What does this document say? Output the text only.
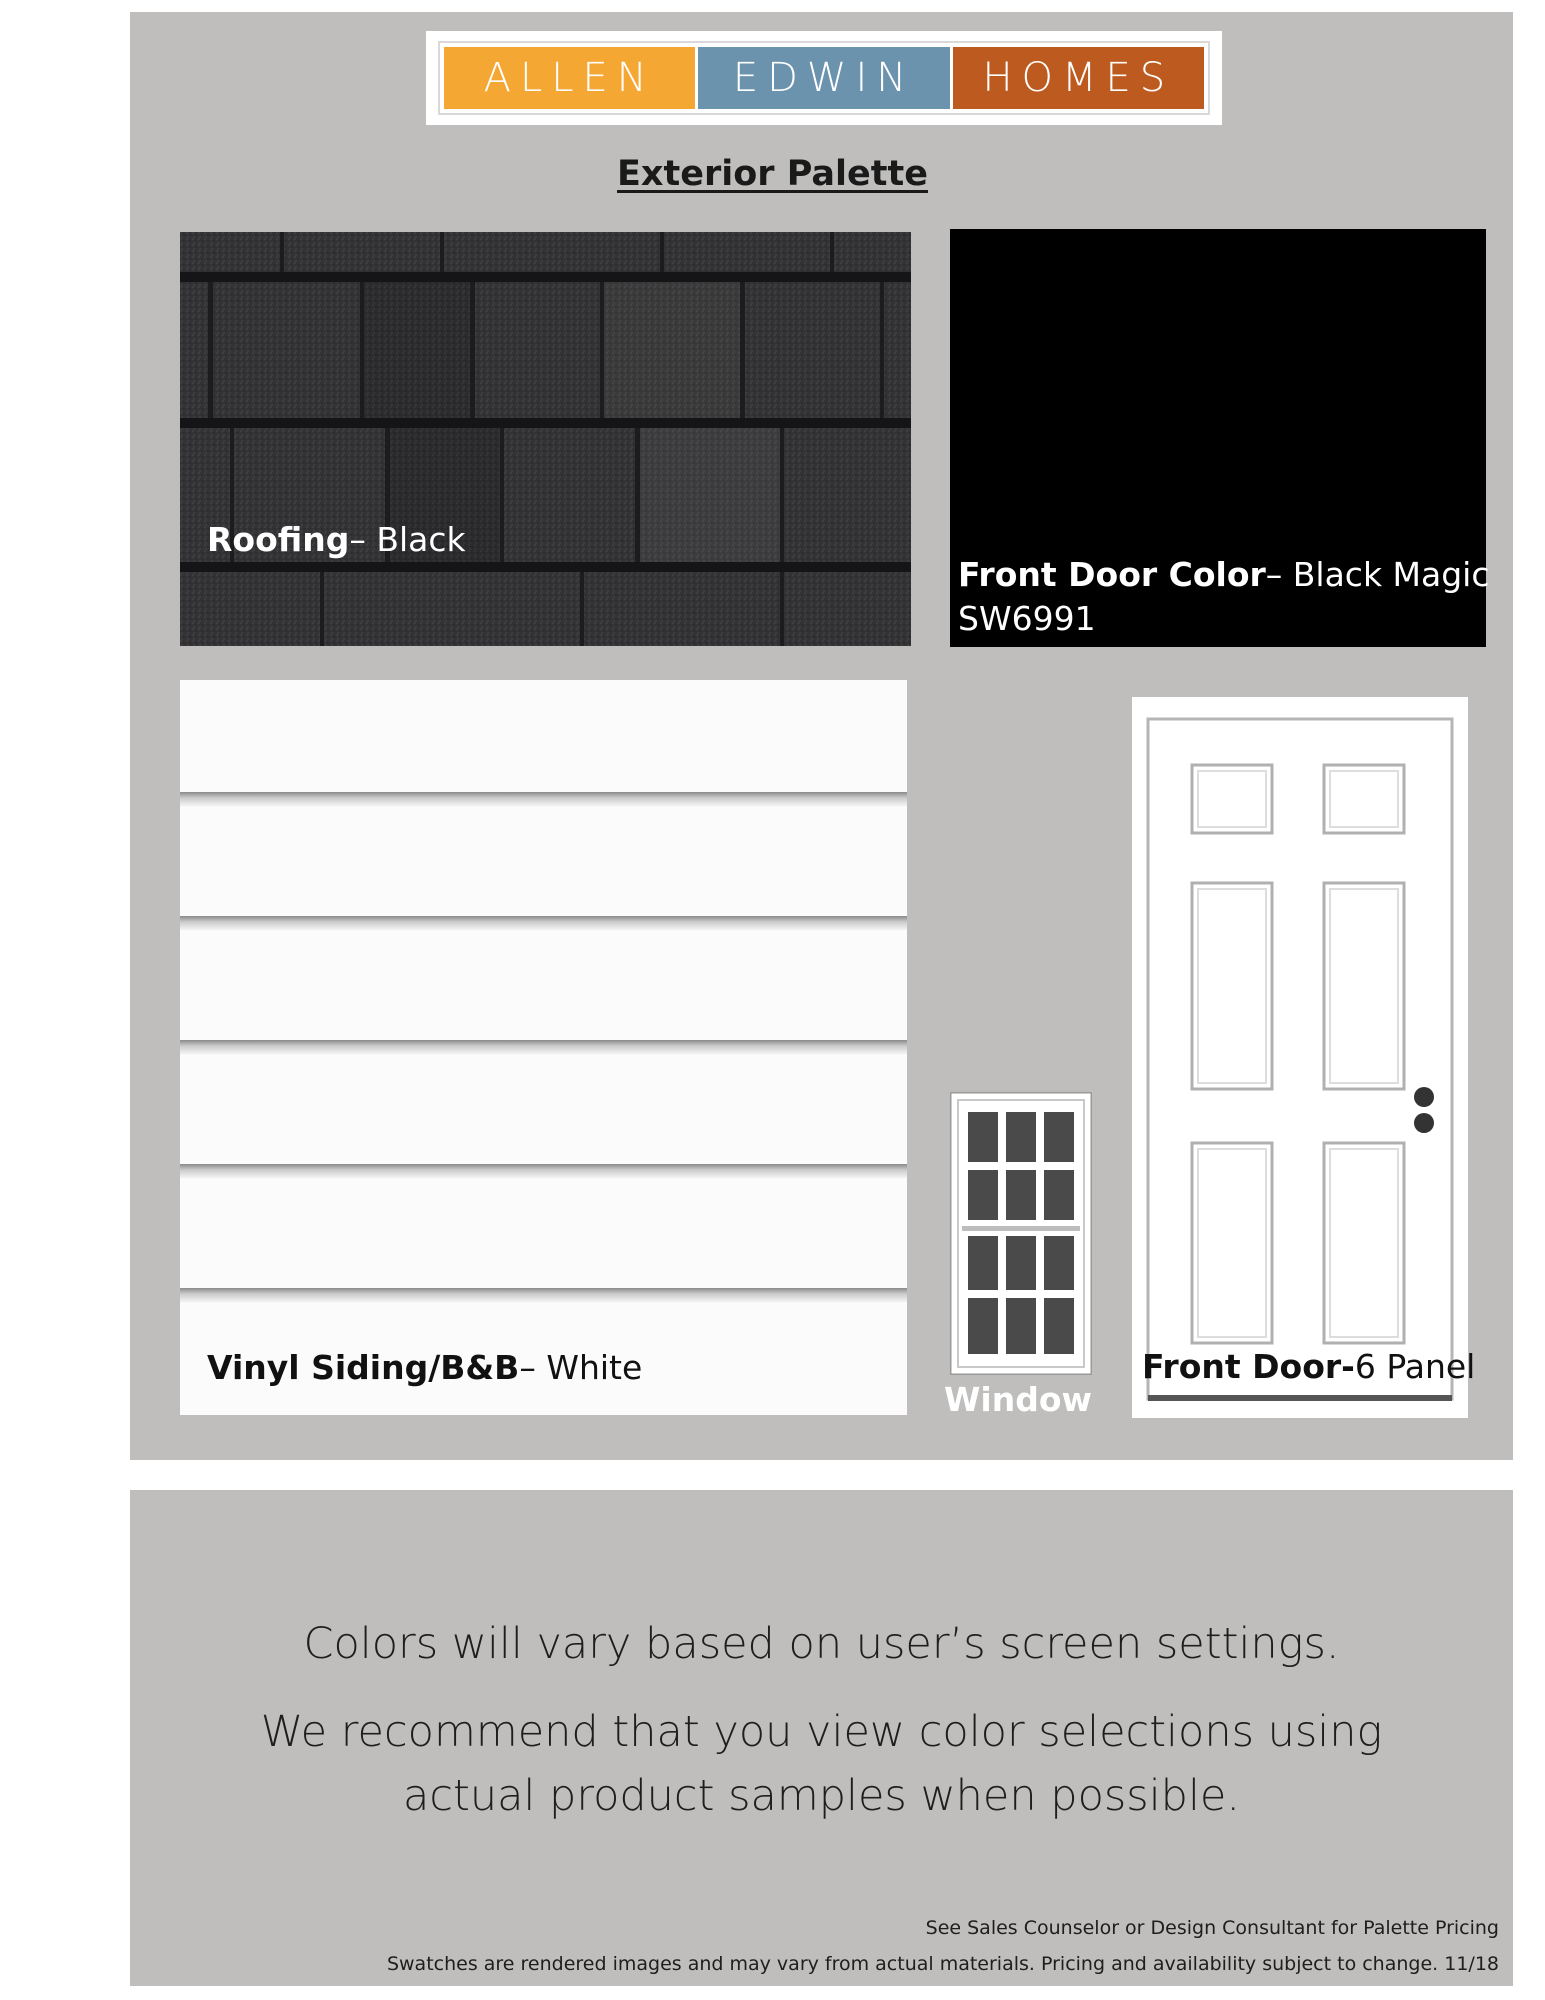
ALLEN	EDWIN	HOMES
Exterior Palette
Roofing– Black
Front Door Color– Black Magic
SW6991
Vinyl Siding/B&B– White
Window
Front Door-6 Panel
Colors will vary based on user’s screen settings.
We recommend that you view color selections using
actual product samples when possible.
See Sales Counselor or Design Consultant for Palette Pricing
Swatches are rendered images and may vary from actual materials. Pricing and availability subject to change. 11/18
